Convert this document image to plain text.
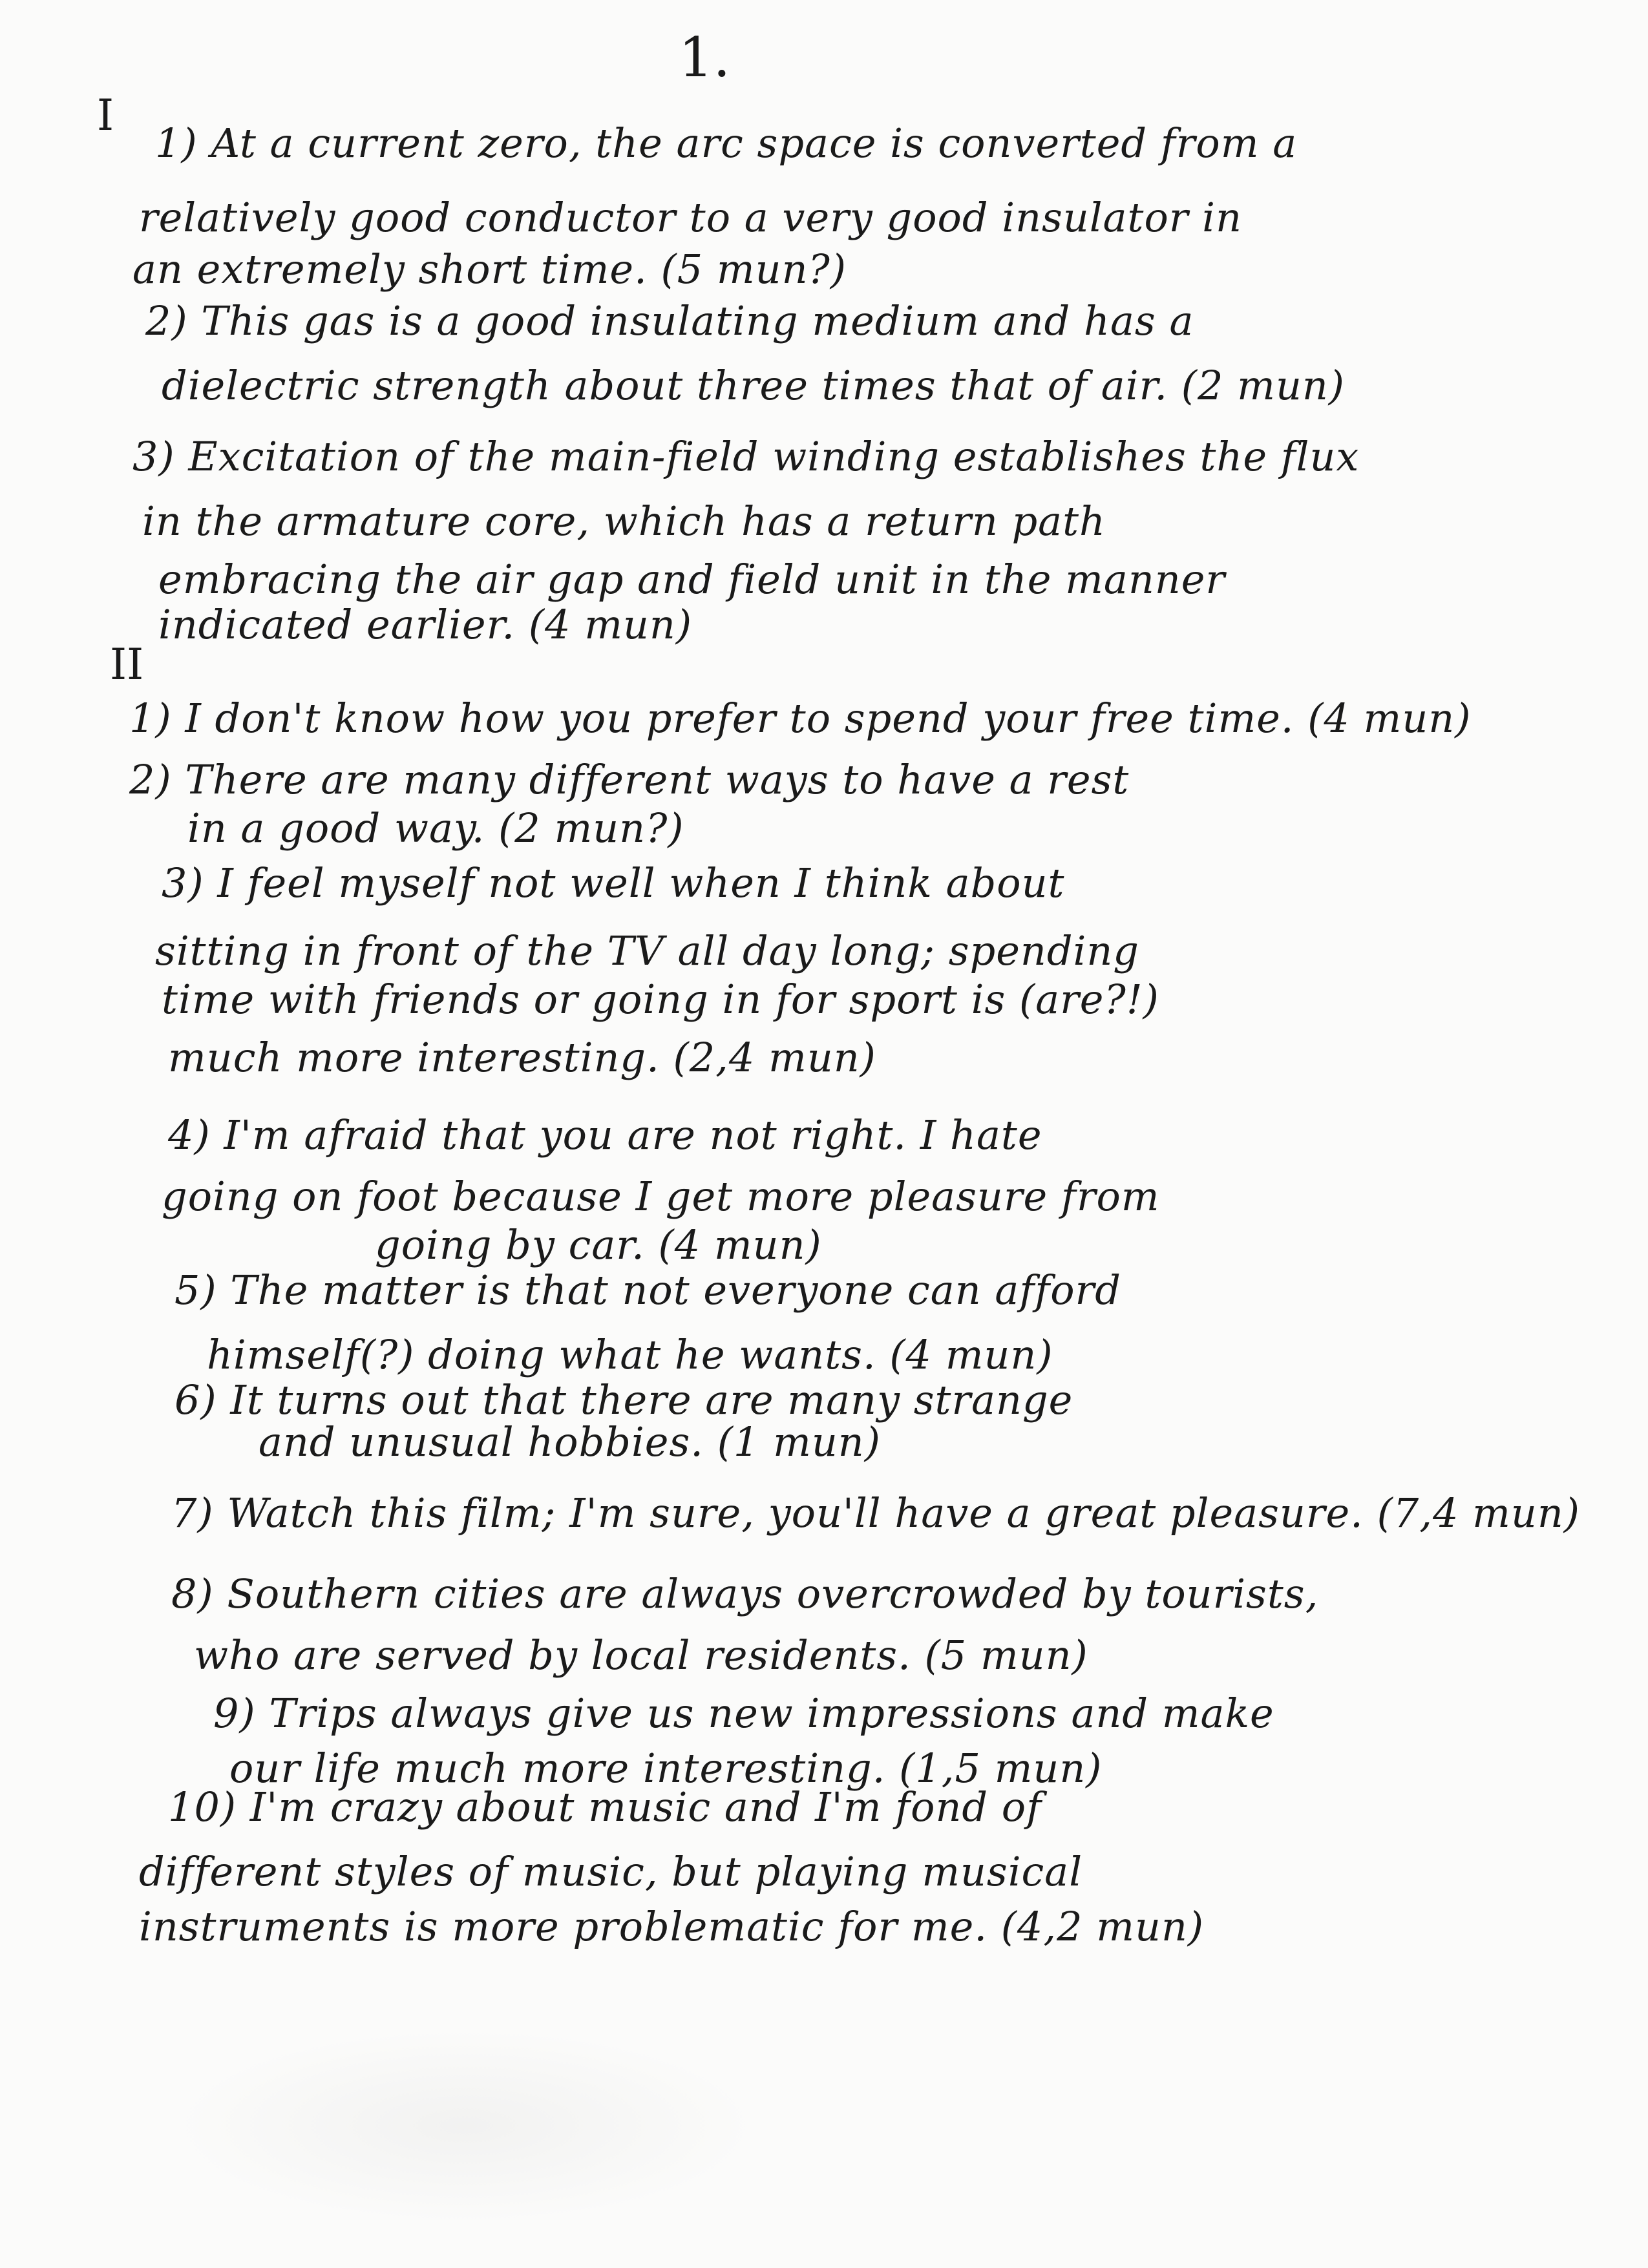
1.
I
1) At a current zero, the arc space is converted from a
relatively good conductor to a very good insulator in
an extremely short time. (5 mun?)
2) This gas is a good insulating medium and has a
dielectric strength about three times that of air. (2 mun)
3) Excitation of the main-field winding establishes the flux
in the armature core, which has a return path
embracing the air gap and field unit in the manner
indicated earlier. (4 mun)
II
1) I don't know how you prefer to spend your free time. (4 mun)
2) There are many different ways to have a rest
in a good way. (2 mun?)
3) I feel myself not well when I think about
sitting in front of the TV all day long; spending
time with friends or going in for sport is (are?!)
much more interesting. (2,4 mun)
4) I'm afraid that you are not right. I hate
going on foot because I get more pleasure from
going by car. (4 mun)
5) The matter is that not everyone can afford
himself(?) doing what he wants. (4 mun)
6) It turns out that there are many strange
and unusual hobbies. (1 mun)
7) Watch this film; I'm sure, you'll have a great pleasure. (7,4 mun)
8) Southern cities are always overcrowded by tourists,
who are served by local residents. (5 mun)
9) Trips always give us new impressions and make
our life much more interesting. (1,5 mun)
10) I'm crazy about music and I'm fond of
different styles of music, but playing musical
instruments is more problematic for me. (4,2 mun)
